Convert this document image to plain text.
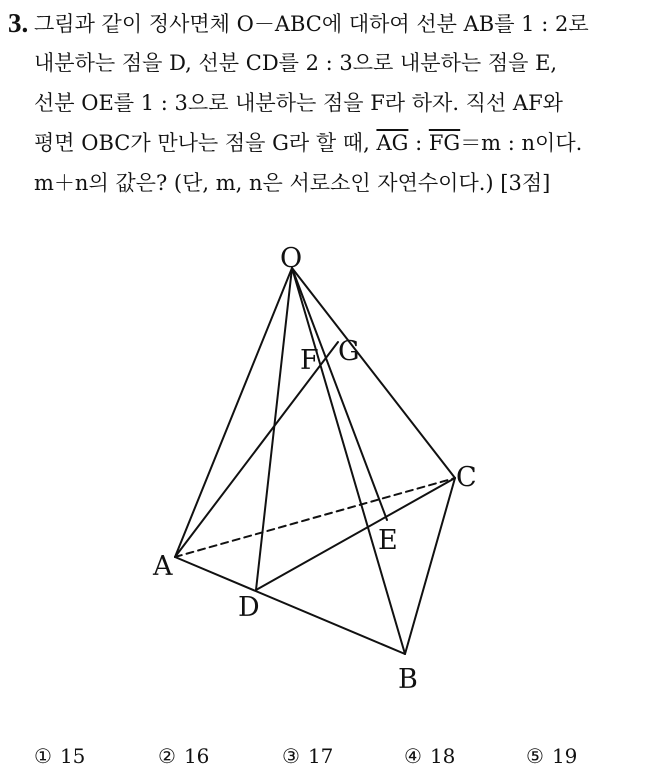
3. 그림과 같이 정사면체 O－ABC에 대하여 선분 AB를 1 : 2로
내분하는 점을 D, 선분 CD를 2 : 3으로 내분하는 점을 E,
선분 OE를 1 : 3으로 내분하는 점을 F라 하자. 직선 AF와
평면 OBC가 만나는 점을 G라 할 때, $\overline{AG}$ : $\overline{FG}=m$ : n이다.
m＋n의 값은? (단, m, n은 서로소인 자연수이다.) [3점]
O
A
B
C
D
E
F G
① 15	② 16	③ 17	④ 18	⑤ 19
